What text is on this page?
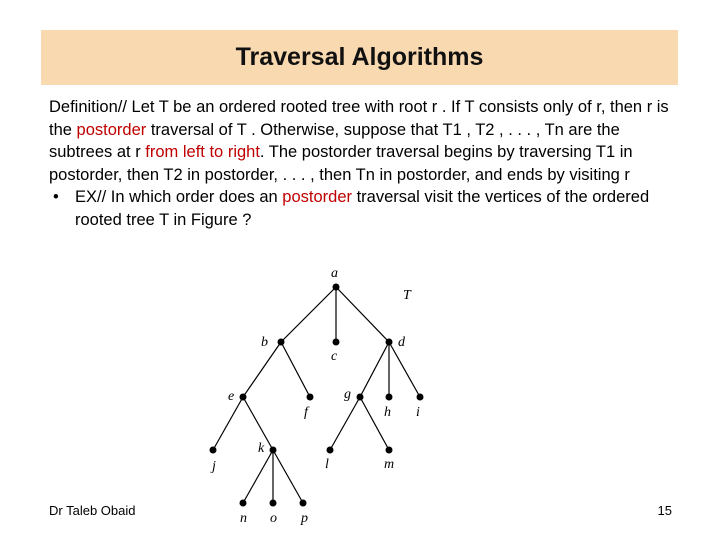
Traversal Algorithms

Definition// Let T be an ordered rooted tree with root r . If T consists only of r, then r is the postorder traversal of T . Otherwise, suppose that T1 , T2 , . . . , Tn are the subtrees at r from left to right. The postorder traversal begins by traversing T1 in postorder, then T2 in postorder, . . . , then Tn in postorder, and ends by visiting r

• EX// In which order does an postorder traversal visit the vertices of the ordered rooted tree T in Figure ?
a
T
b
c
d
e
f
g
h i
j
k
l	m
n o p
Dr Taleb Obaid	15
